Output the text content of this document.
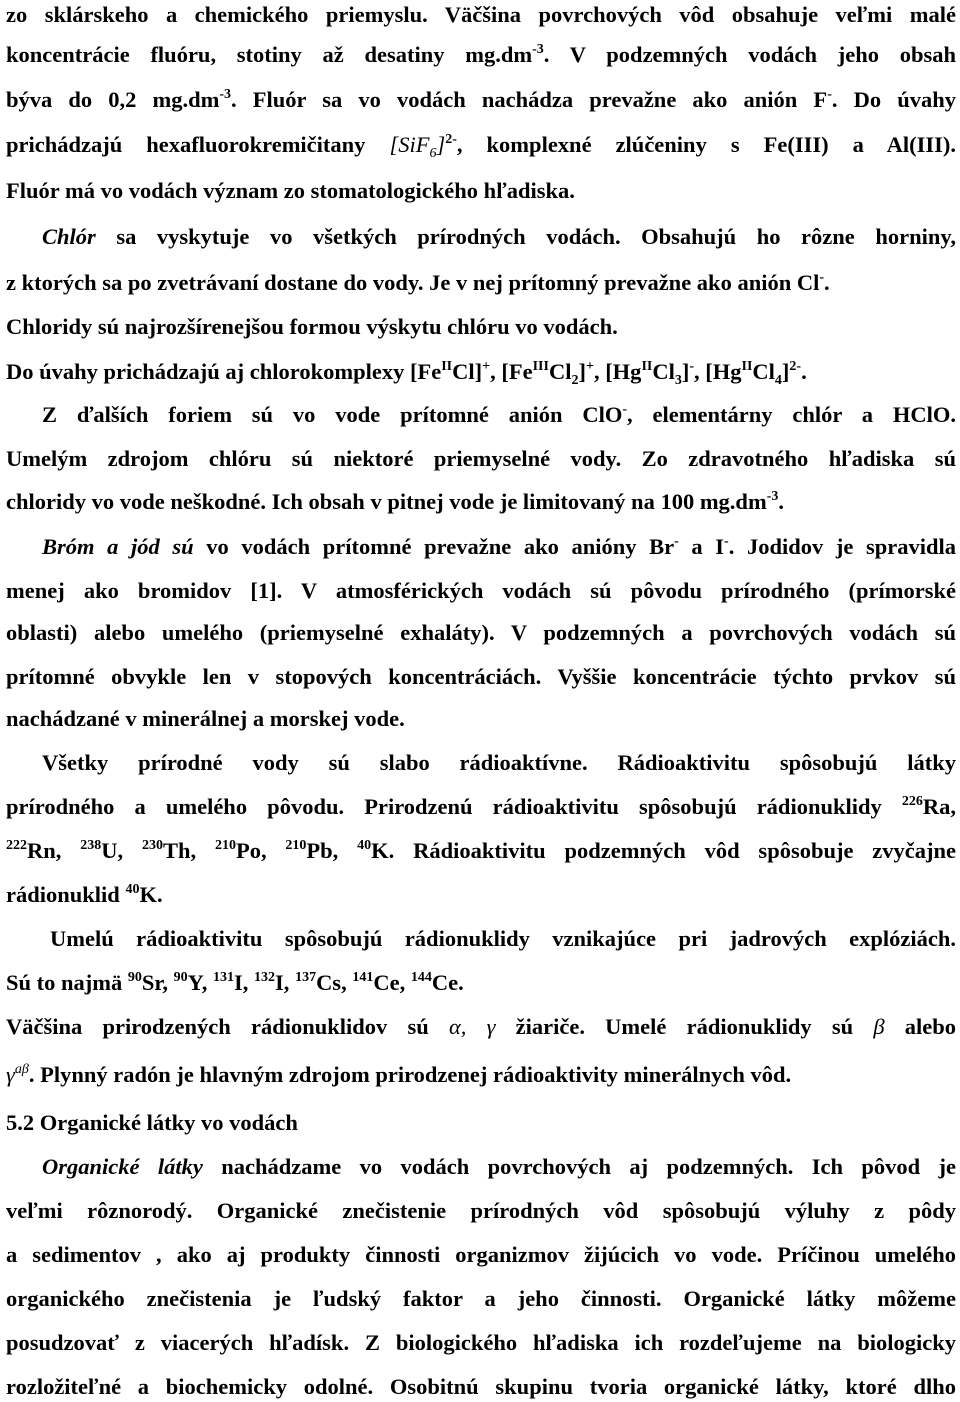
zo sklárskeho a chemického priemyslu. Väčšina povrchových vôd obsahuje veľmi malé
koncentrácie fluóru, stotiny až desatiny $mg.dm^{-3}$. V podzemných vodách jeho obsah
býva do 0,2 $mg.dm^{-3}$. Fluór sa vo vodách nachádza prevažne ako anión F-. Do úvahy
prichádzajú hexafluorokremičitany $[SiF_6]^{2-}$, komplexné zlúčeniny s Fe(III) a Al(III).
Fluór má vo vodách význam zo stomatologického hľadiska.
Chlór sa vyskytuje vo všetkých prírodných vodách. Obsahujú ho rôzne horniny,
z ktorých sa po zvetrávaní dostane do vody. Je v nej prítomný prevažne ako anión Cl-.
Chloridy sú najrozšírenejšou formou výskytu chlóru vo vodách.
Do úvahy prichádzajú aj chlorokomplexy $[Fe^{II}Cl]^+$, $[Fe^{III}Cl_2]^+$, $[Hg^{II}Cl_3]^-$, $[Hg^{II}Cl_4]^{2-}$.
Z ďalších foriem sú vo vode prítomné anión ClO-, elementárny chlór a HClO.
Umelým zdrojom chlóru sú niektoré priemyselné vody. Zo zdravotného hľadiska sú
chloridy vo vode neškodné. Ich obsah v pitnej vode je limitovaný na 100 $mg.dm^{-3}$.
Bróm a jód sú vo vodách prítomné prevažne ako anióny Br- a I-. Jodidov je spravidla
menej ako bromidov [1]. V atmosférických vodách sú pôvodu prírodného (prímorské
oblasti) alebo umelého (priemyselné exhaláty). V podzemných a povrchových vodách sú
prítomné obvykle len v stopových koncentráciách. Vyššie koncentrácie týchto prvkov sú
nachádzané v minerálnej a morskej vode.
Všetky prírodné vody sú slabo rádioaktívne. Rádioaktivitu spôsobujú látky
prírodného a umelého pôvodu. Prirodzenú rádioaktivitu spôsobujú rádionuklidy $^{226}$Ra,
$^{222}$Rn, $^{238}$U, $^{230}$Th, $^{210}$Po, $^{210}$Pb, $^{40}$K. Rádioaktivitu podzemných vôd spôsobuje zvyčajne
rádionuklid $^{40}$K.
Umelú rádioaktivitu spôsobujú rádionuklidy vznikajúce pri jadrových explóziách.
Sú to najmä $^{90}$Sr, $^{90}$Y, $^{131}$I, $^{132}$I, $^{137}$Cs, $^{141}$Ce, $^{144}$Ce.
Väčšina prirodzených rádionuklidov sú α, γ žiariče. Umelé rádionuklidy sú β alebo
$\gamma^{a\beta}$. Plynný radón je hlavným zdrojom prirodzenej rádioaktivity minerálnych vôd.
5.2 Organické látky vo vodách
Organické látky nachádzame vo vodách povrchových aj podzemných. Ich pôvod je
veľmi rôznorodý. Organické znečistenie prírodných vôd spôsobujú výluhy z pôdy
a sedimentov , ako aj produkty činnosti organizmov žijúcich vo vode. Príčinou umelého
organického znečistenia je ľudský faktor a jeho činnosti. Organické látky môžeme
posudzovať z viacerých hľadísk. Z biologického hľadiska ich rozdeľujeme na biologicky
rozložiteľné a biochemicky odolné. Osobitnú skupinu tvoria organické látky, ktoré dlho
